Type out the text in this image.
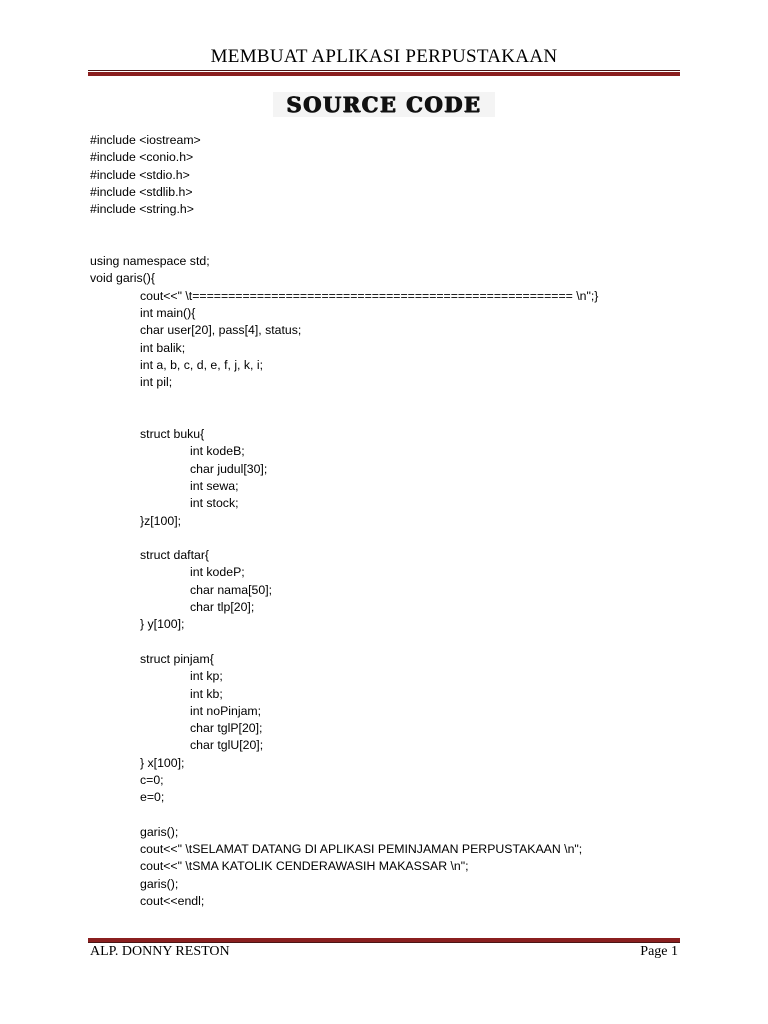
MEMBUAT APLIKASI PERPUSTAKAAN
SOURCE CODE
#include <iostream>
#include <conio.h>
#include <stdio.h>
#include <stdlib.h>
#include <string.h>
using namespace std;
void garis(){
cout<<" \t===================================================== \n";}
int main(){
char user[20], pass[4], status;
int balik;
int a, b, c, d, e, f, j, k, i;
int pil;
struct buku{
int kodeB;
char judul[30];
int sewa;
int stock;
}z[100];
struct daftar{
int kodeP;
char nama[50];
char tlp[20];
} y[100];
struct pinjam{
int kp;
int kb;
int noPinjam;
char tglP[20];
char tglU[20];
} x[100];
c=0;
e=0;
garis();
cout<<" \tSELAMAT DATANG DI APLIKASI PEMINJAMAN PERPUSTAKAAN \n";
cout<<" \tSMA KATOLIK CENDERAWASIH MAKASSAR \n";
garis();
cout<<endl;
ALP. DONNY RESTON	Page 1
